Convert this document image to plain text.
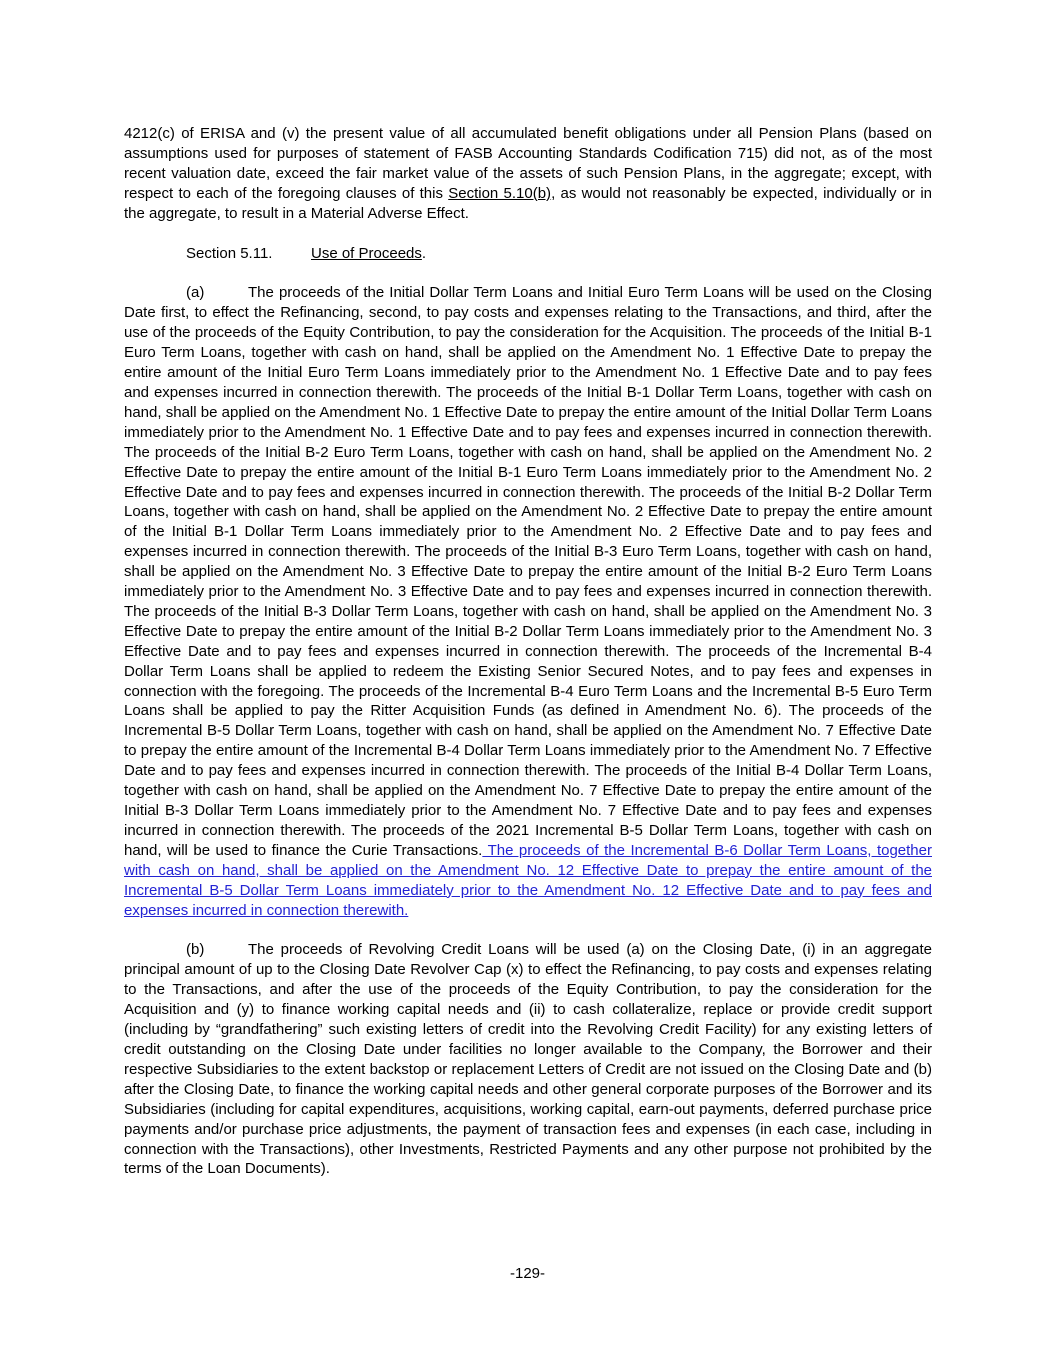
4212(c) of ERISA and (v) the present value of all accumulated benefit obligations under all Pension Plans (based on assumptions used for purposes of statement of FASB Accounting Standards Codification 715) did not, as of the most recent valuation date, exceed the fair market value of the assets of such Pension Plans, in the aggregate; except, with respect to each of the foregoing clauses of this Section 5.10(b), as would not reasonably be expected, individually or in the aggregate, to result in a Material Adverse Effect.

Section 5.11.	Use of Proceeds.

(a)	The proceeds of the Initial Dollar Term Loans and Initial Euro Term Loans will be used on the Closing Date first, to effect the Refinancing, second, to pay costs and expenses relating to the Transactions, and third, after the use of the proceeds of the Equity Contribution, to pay the consideration for the Acquisition. The proceeds of the Initial B-1 Euro Term Loans, together with cash on hand, shall be applied on the Amendment No. 1 Effective Date to prepay the entire amount of the Initial Euro Term Loans immediately prior to the Amendment No. 1 Effective Date and to pay fees and expenses incurred in connection therewith. The proceeds of the Initial B-1 Dollar Term Loans, together with cash on hand, shall be applied on the Amendment No. 1 Effective Date to prepay the entire amount of the Initial Dollar Term Loans immediately prior to the Amendment No. 1 Effective Date and to pay fees and expenses incurred in connection therewith. The proceeds of the Initial B-2 Euro Term Loans, together with cash on hand, shall be applied on the Amendment No. 2 Effective Date to prepay the entire amount of the Initial B-1 Euro Term Loans immediately prior to the Amendment No. 2 Effective Date and to pay fees and expenses incurred in connection therewith. The proceeds of the Initial B-2 Dollar Term Loans, together with cash on hand, shall be applied on the Amendment No. 2 Effective Date to prepay the entire amount of the Initial B-1 Dollar Term Loans immediately prior to the Amendment No. 2 Effective Date and to pay fees and expenses incurred in connection therewith. The proceeds of the Initial B-3 Euro Term Loans, together with cash on hand, shall be applied on the Amendment No. 3 Effective Date to prepay the entire amount of the Initial B-2 Euro Term Loans immediately prior to the Amendment No. 3 Effective Date and to pay fees and expenses incurred in connection therewith. The proceeds of the Initial B-3 Dollar Term Loans, together with cash on hand, shall be applied on the Amendment No. 3 Effective Date to prepay the entire amount of the Initial B-2 Dollar Term Loans immediately prior to the Amendment No. 3 Effective Date and to pay fees and expenses incurred in connection therewith. The proceeds of the Incremental B-4 Dollar Term Loans shall be applied to redeem the Existing Senior Secured Notes, and to pay fees and expenses in connection with the foregoing. The proceeds of the Incremental B-4 Euro Term Loans and the Incremental B-5 Euro Term Loans shall be applied to pay the Ritter Acquisition Funds (as defined in Amendment No. 6). The proceeds of the Incremental B-5 Dollar Term Loans, together with cash on hand, shall be applied on the Amendment No. 7 Effective Date to prepay the entire amount of the Incremental B-4 Dollar Term Loans immediately prior to the Amendment No. 7 Effective Date and to pay fees and expenses incurred in connection therewith. The proceeds of the Initial B-4 Dollar Term Loans, together with cash on hand, shall be applied on the Amendment No. 7 Effective Date to prepay the entire amount of the Initial B-3 Dollar Term Loans immediately prior to the Amendment No. 7 Effective Date and to pay fees and expenses incurred in connection therewith. The proceeds of the 2021 Incremental B-5 Dollar Term Loans, together with cash on hand, will be used to finance the Curie Transactions. The proceeds of the Incremental B-6 Dollar Term Loans, together with cash on hand, shall be applied on the Amendment No. 12 Effective Date to prepay the entire amount of the Incremental B-5 Dollar Term Loans immediately prior to the Amendment No. 12 Effective Date and to pay fees and expenses incurred in connection therewith.

(b)	The proceeds of Revolving Credit Loans will be used (a) on the Closing Date, (i) in an aggregate principal amount of up to the Closing Date Revolver Cap (x) to effect the Refinancing, to pay costs and expenses relating to the Transactions, and after the use of the proceeds of the Equity Contribution, to pay the consideration for the Acquisition and (y) to finance working capital needs and (ii) to cash collateralize, replace or provide credit support (including by “grandfathering” such existing letters of credit into the Revolving Credit Facility) for any existing letters of credit outstanding on the Closing Date under facilities no longer available to the Company, the Borrower and their respective Subsidiaries to the extent backstop or replacement Letters of Credit are not issued on the Closing Date and (b) after the Closing Date, to finance the working capital needs and other general corporate purposes of the Borrower and its Subsidiaries (including for capital expenditures, acquisitions, working capital, earn-out payments, deferred purchase price payments and/or purchase price adjustments, the payment of transaction fees and expenses (in each case, including in connection with the Transactions), other Investments, Restricted Payments and any other purpose not prohibited by the terms of the Loan Documents).

-129-
